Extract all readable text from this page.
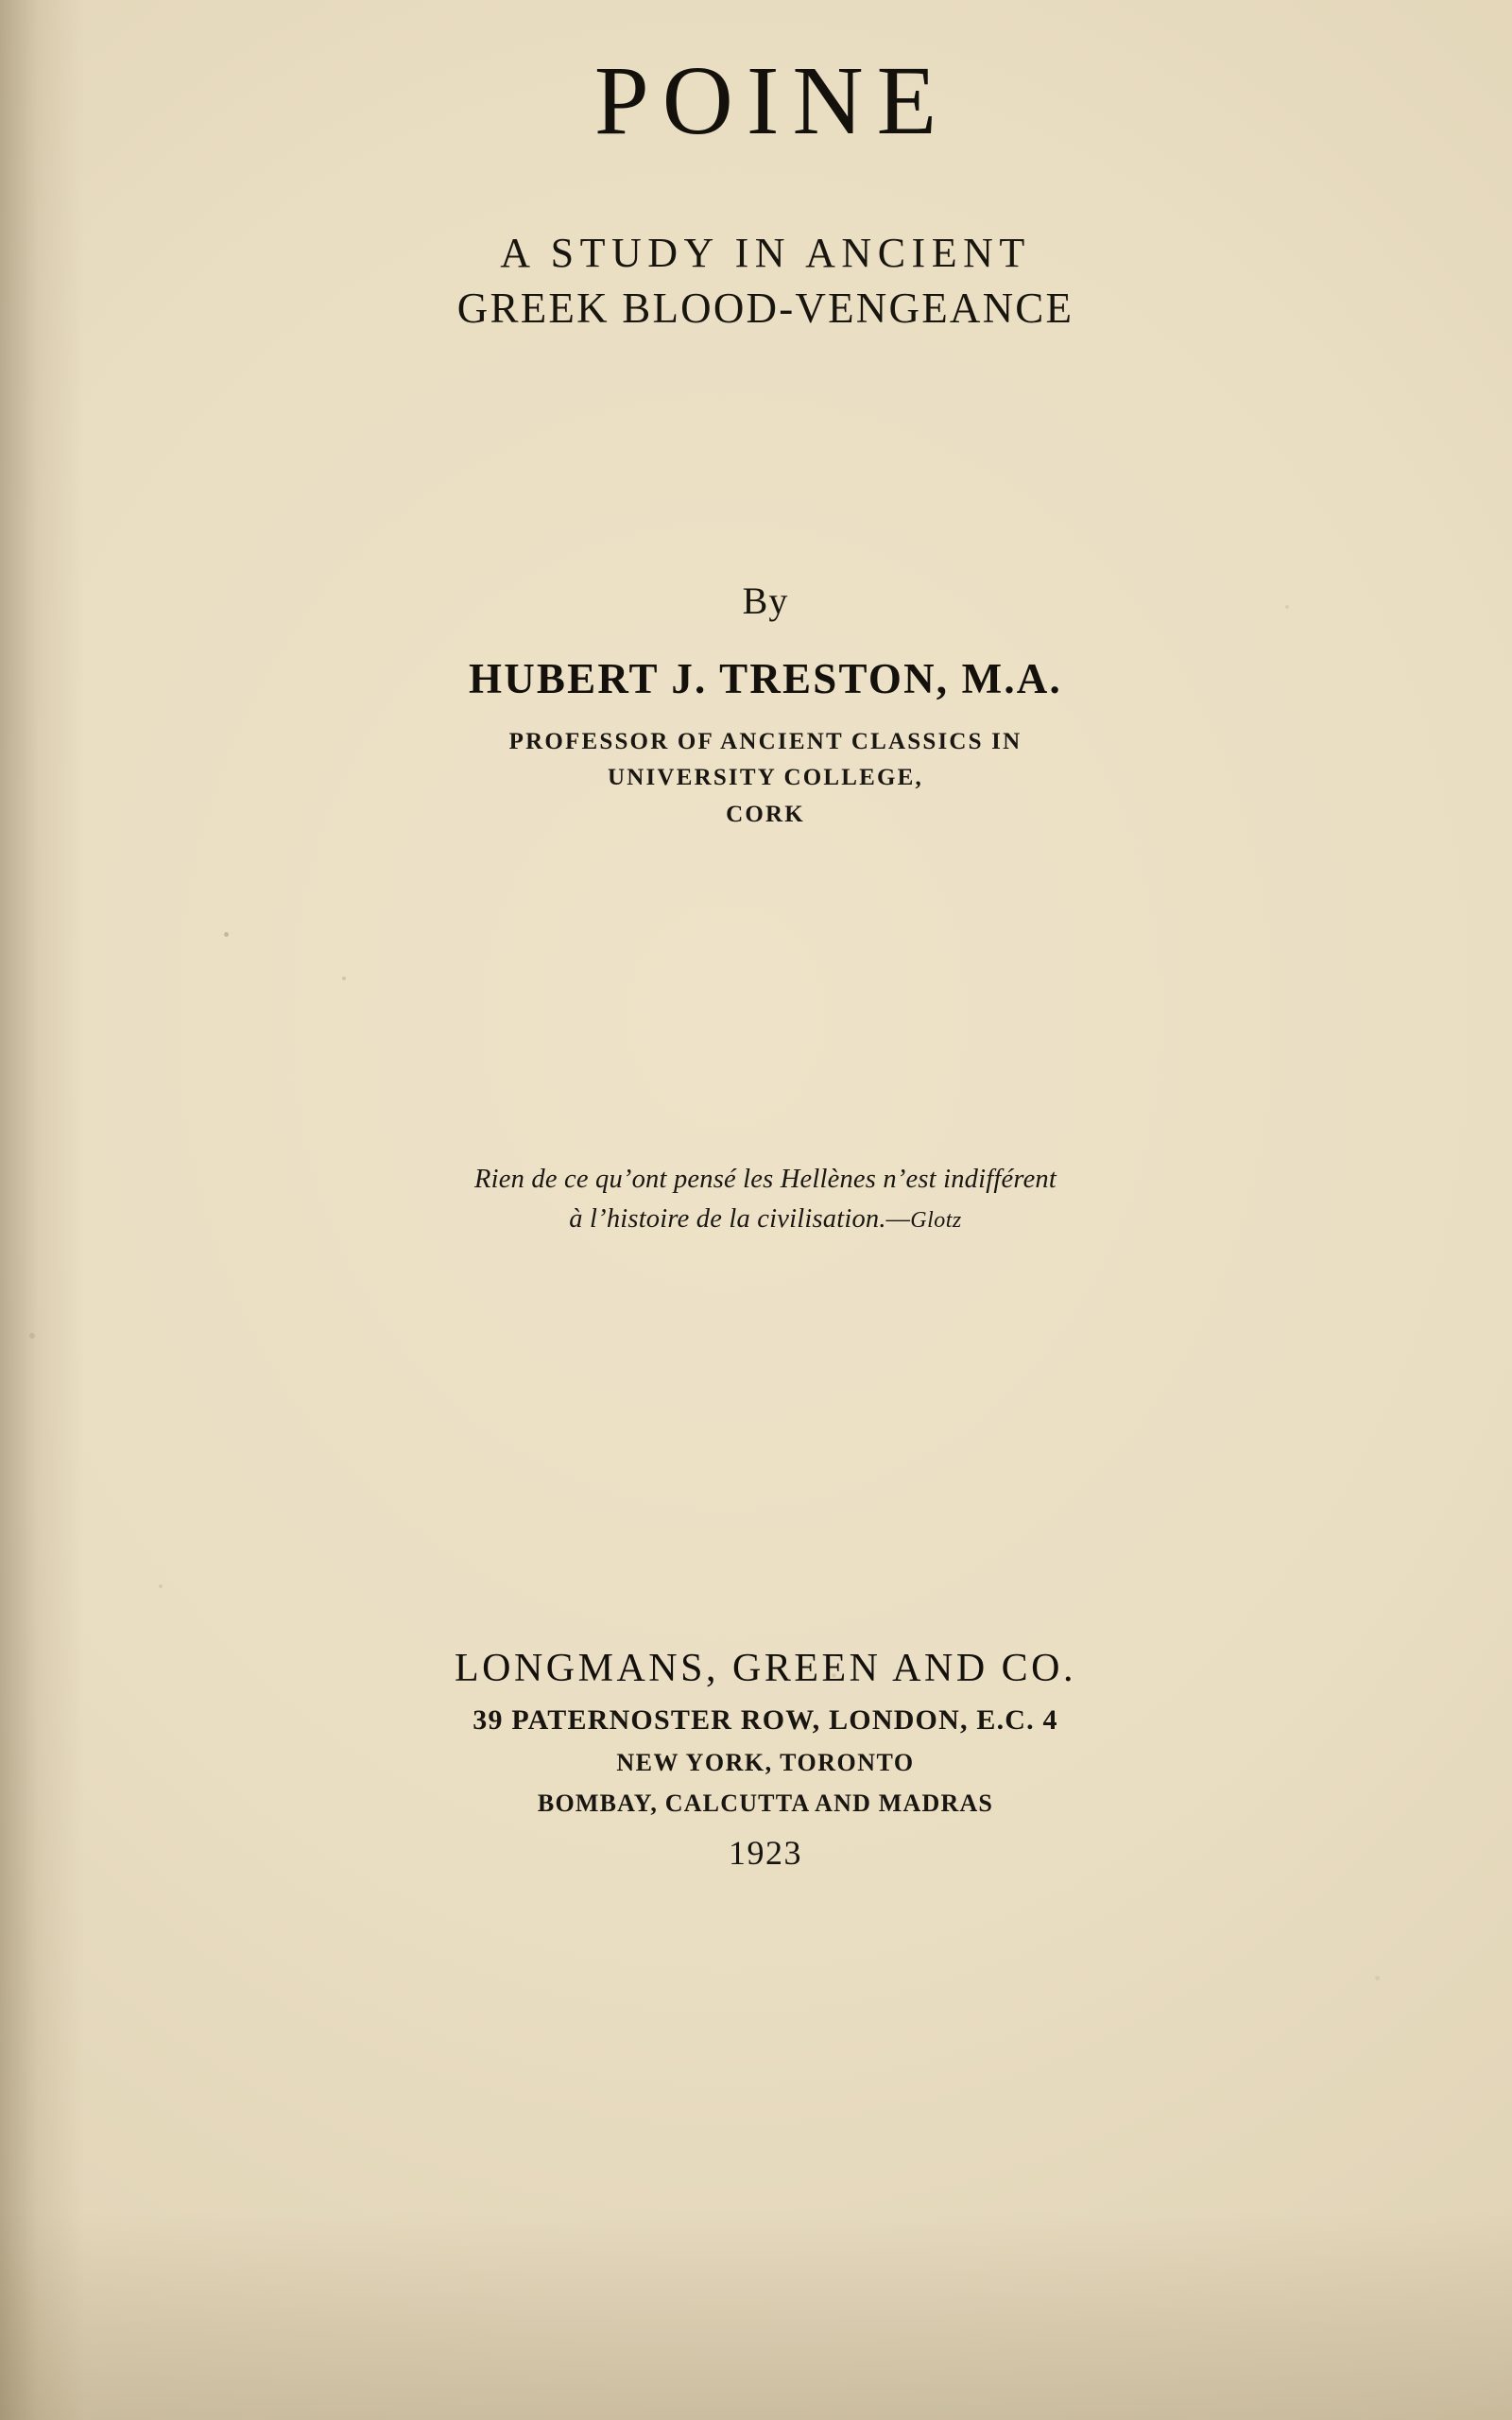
POINE
A STUDY IN ANCIENT
GREEK BLOOD-VENGEANCE
By
HUBERT J. TRESTON, M.A.
PROFESSOR OF ANCIENT CLASSICS IN
UNIVERSITY COLLEGE,
CORK
Rien de ce qu’ont pensé les Hellènes n’est indifférent
à l’histoire de la civilisation.—Glotz
LONGMANS, GREEN AND CO.
39 PATERNOSTER ROW, LONDON, E.C. 4
NEW YORK, TORONTO
BOMBAY, CALCUTTA AND MADRAS
1923
